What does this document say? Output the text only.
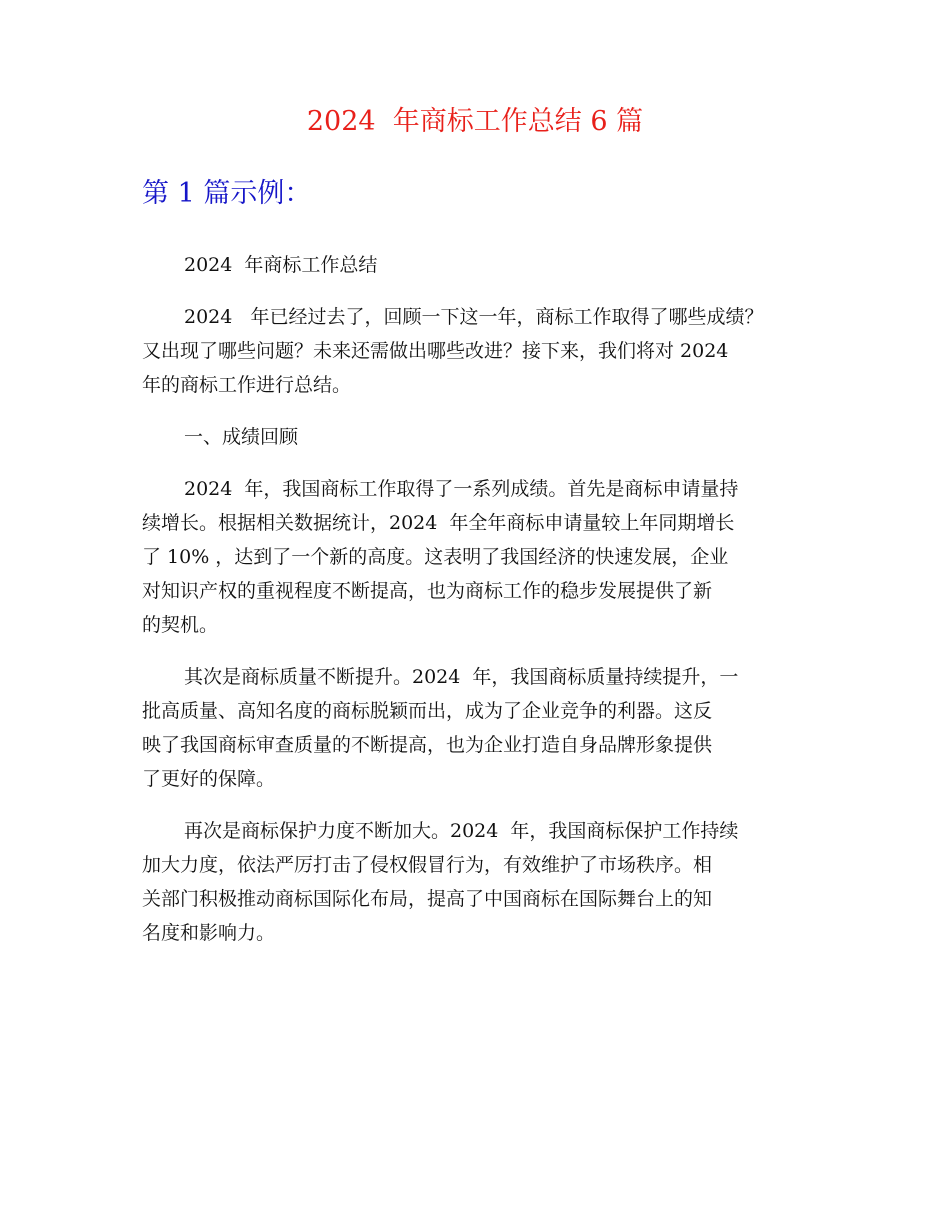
2024  年商标工作总结 6 篇
第 1 篇示例：

2024  年商标工作总结

2024   年已经过去了，回顾一下这一年，商标工作取得了哪些成绩？
又出现了哪些问题？未来还需做出哪些改进？接下来，我们将对 2024
年的商标工作进行总结。

一、成绩回顾

2024  年，我国商标工作取得了一系列成绩。首先是商标申请量持
续增长。根据相关数据统计，2024  年全年商标申请量较上年同期增长
了 10% ，达到了一个新的高度。这表明了我国经济的快速发展，企业
对知识产权的重视程度不断提高，也为商标工作的稳步发展提供了新
的契机。

其次是商标质量不断提升。2024  年，我国商标质量持续提升，一
批高质量、高知名度的商标脱颖而出，成为了企业竞争的利器。这反
映了我国商标审查质量的不断提高，也为企业打造自身品牌形象提供
了更好的保障。

再次是商标保护力度不断加大。2024  年，我国商标保护工作持续
加大力度，依法严厉打击了侵权假冒行为，有效维护了市场秩序。相
关部门积极推动商标国际化布局，提高了中国商标在国际舞台上的知
名度和影响力。
